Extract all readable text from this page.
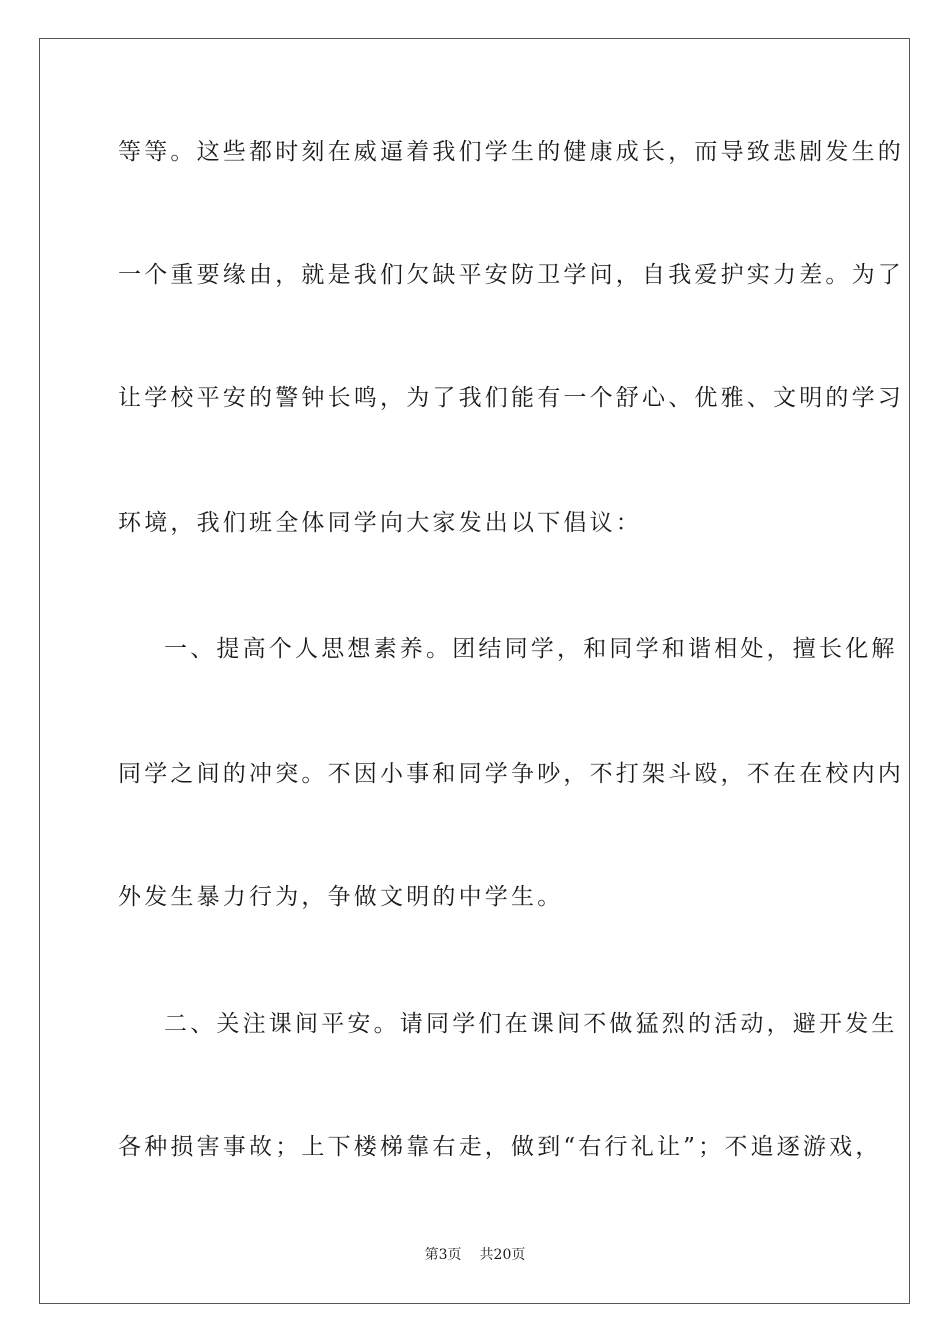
等等。这些都时刻在威逼着我们学生的健康成长，而导致悲剧发生的
一个重要缘由，就是我们欠缺平安防卫学问，自我爱护实力差。为了
让学校平安的警钟长鸣，为了我们能有一个舒心、优雅、文明的学习
环境，我们班全体同学向大家发出以下倡议：
一、提高个人思想素养。团结同学，和同学和谐相处，擅长化解
同学之间的冲突。不因小事和同学争吵，不打架斗殴，不在在校内内
外发生暴力行为，争做文明的中学生。
二、关注课间平安。请同学们在课间不做猛烈的活动，避开发生
各种损害事故；上下楼梯靠右走，做到“右行礼让”；不追逐游戏，
第3页 共20页
